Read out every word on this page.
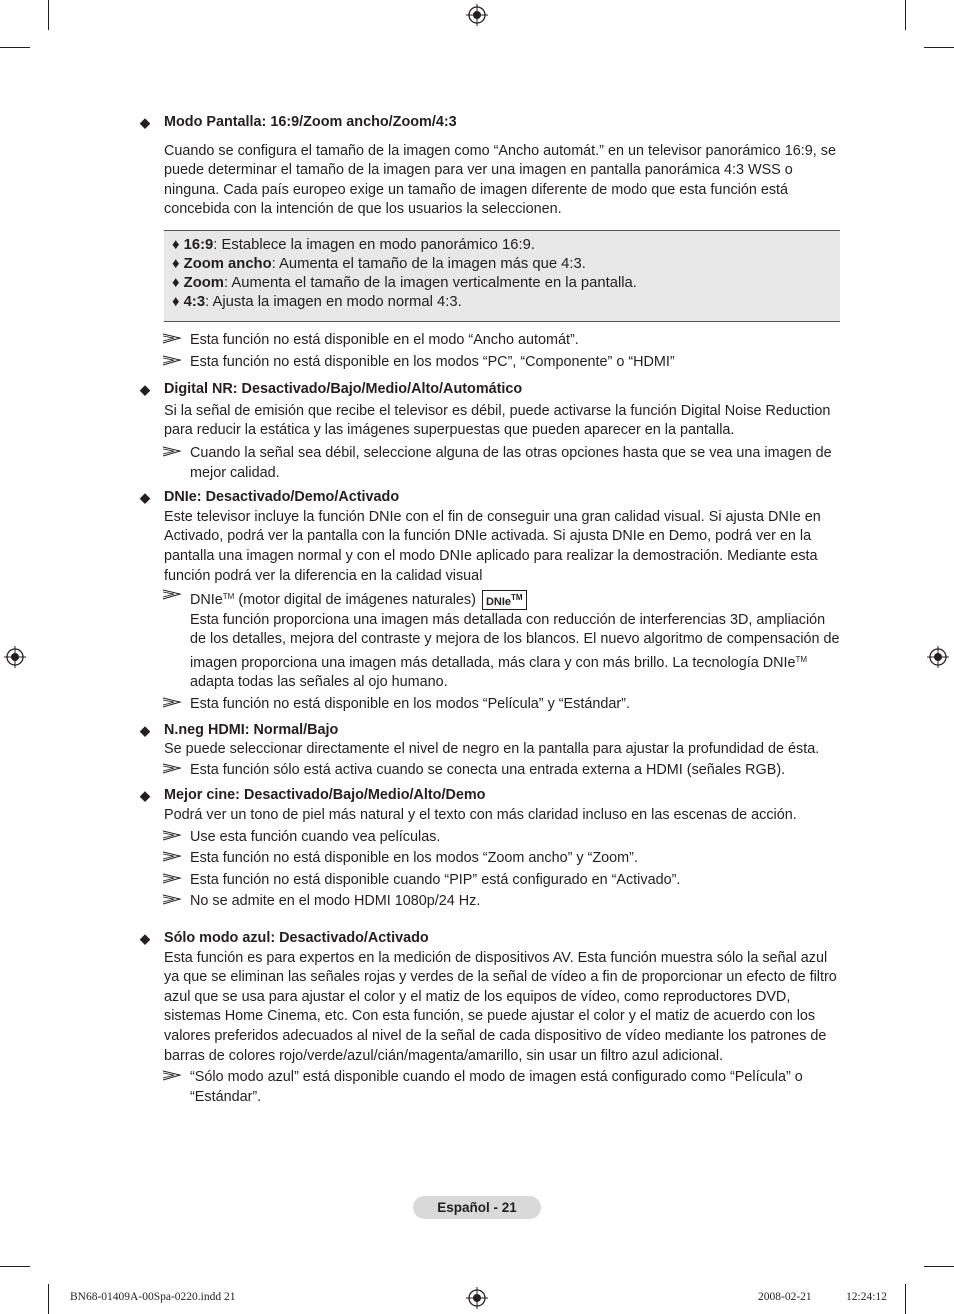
◆ Modo Pantalla: 16:9/Zoom ancho/Zoom/4:3

Cuando se configura el tamaño de la imagen como “Ancho automát.” en un televisor panorámico 16:9, se puede determinar el tamaño de la imagen para ver una imagen en pantalla panorámica 4:3 WSS o ninguna. Cada país europeo exige un tamaño de imagen diferente de modo que esta función está concebida con la intención de que los usuarios la seleccionen.

♦ 16:9: Establece la imagen en modo panorámico 16:9.
♦ Zoom ancho: Aumenta el tamaño de la imagen más que 4:3.
♦ Zoom: Aumenta el tamaño de la imagen verticalmente en la pantalla.
♦ 4:3: Ajusta la imagen en modo normal 4:3.
Esta función no está disponible en el modo “Ancho automát”.
Esta función no está disponible en los modos “PC”, “Componente” o “HDMI”
◆ Digital NR: Desactivado/Bajo/Medio/Alto/Automático

Si la señal de emisión que recibe el televisor es débil, puede activarse la función Digital Noise Reduction para reducir la estática y las imágenes superpuestas que pueden aparecer en la pantalla.

Cuando la señal sea débil, seleccione alguna de las otras opciones hasta que se vea una imagen de mejor calidad.
◆ DNIe: Desactivado/Demo/Activado

Este televisor incluye la función DNIe con el fin de conseguir una gran calidad visual. Si ajusta DNIe en Activado, podrá ver la pantalla con la función DNIe activada. Si ajusta DNIe en Demo, podrá ver en la pantalla una imagen normal y con el modo DNIe aplicado para realizar la demostración. Mediante esta función podrá ver la diferencia en la calidad visual

DNIe™ (motor digital de imágenes naturales) DNIe™
Esta función proporciona una imagen más detallada con reducción de interferencias 3D, ampliación de los detalles, mejora del contraste y mejora de los blancos. El nuevo algoritmo de compensación de imagen proporciona una imagen más detallada, más clara y con más brillo. La tecnología DNIe™ adapta todas las señales al ojo humano.
Esta función no está disponible en los modos “Película” y “Estándar”.
◆ N.neg HDMI: Normal/Bajo

Se puede seleccionar directamente el nivel de negro en la pantalla para ajustar la profundidad de ésta.

Esta función sólo está activa cuando se conecta una entrada externa a HDMI (señales RGB).
◆ Mejor cine: Desactivado/Bajo/Medio/Alto/Demo

Podrá ver un tono de piel más natural y el texto con más claridad incluso en las escenas de acción.

Use esta función cuando vea películas.
Esta función no está disponible en los modos “Zoom ancho” y “Zoom”.
Esta función no está disponible cuando “PIP” está configurado en “Activado”.
No se admite en el modo HDMI 1080p/24 Hz.
◆ Sólo modo azul: Desactivado/Activado

Esta función es para expertos en la medición de dispositivos AV. Esta función muestra sólo la señal azul ya que se eliminan las señales rojas y verdes de la señal de vídeo a fin de proporcionar un efecto de filtro azul que se usa para ajustar el color y el matiz de los equipos de vídeo, como reproductores DVD, sistemas Home Cinema, etc. Con esta función, se puede ajustar el color y el matiz de acuerdo con los valores preferidos adecuados al nivel de la señal de cada dispositivo de vídeo mediante los patrones de barras de colores rojo/verde/azul/cián/magenta/amarillo, sin usar un filtro azul adicional.

“Sólo modo azul” está disponible cuando el modo de imagen está configurado como “Película” o “Estándar”.
Español - 21
BN68-01409A-00Spa-0220.indd 21	2008-02-21	12:24:12
